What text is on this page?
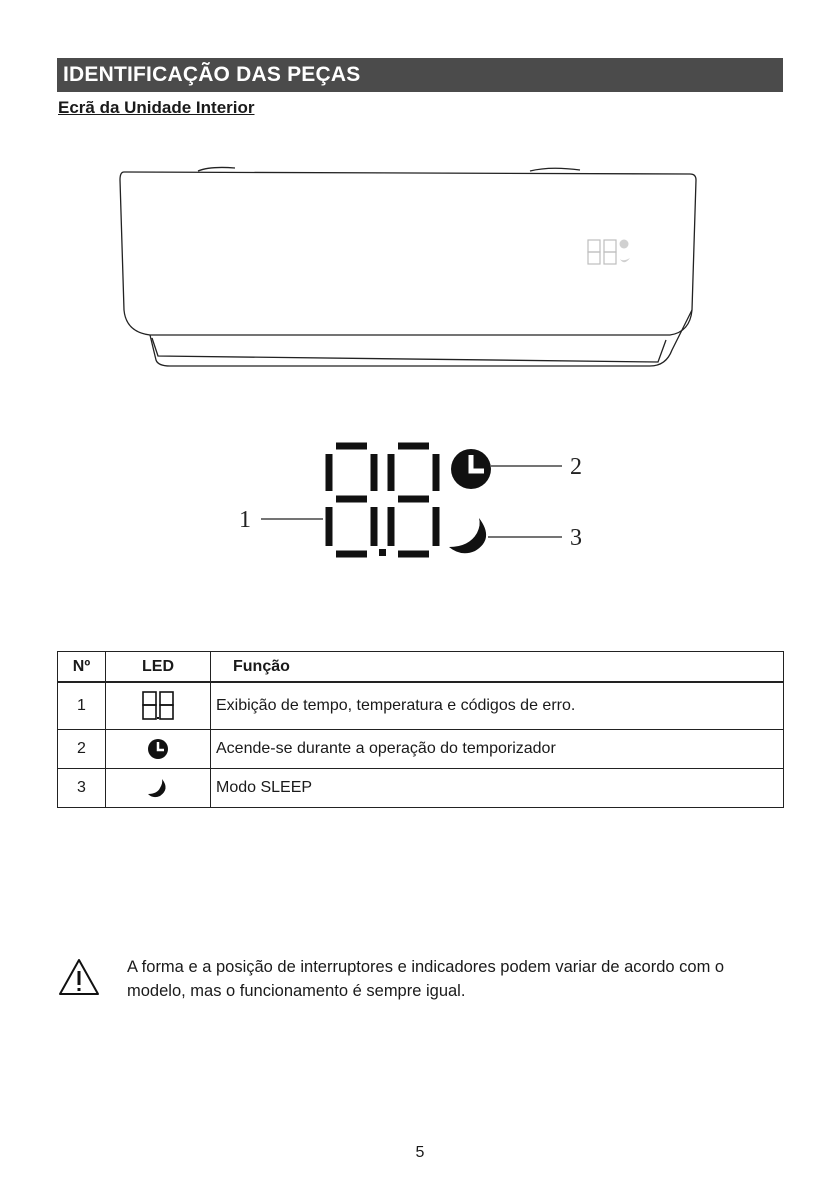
IDENTIFICAÇÃO DAS PEÇAS
Ecrã da Unidade Interior
1
2
3
Nº	LED	Função
1		Exibição de tempo, temperatura e códigos de erro.
2		Acende-se durante a operação do temporizador
3		Modo SLEEP
A forma e a posição de interruptores e indicadores podem variar de acordo com o modelo, mas o funcionamento é sempre igual.
5
